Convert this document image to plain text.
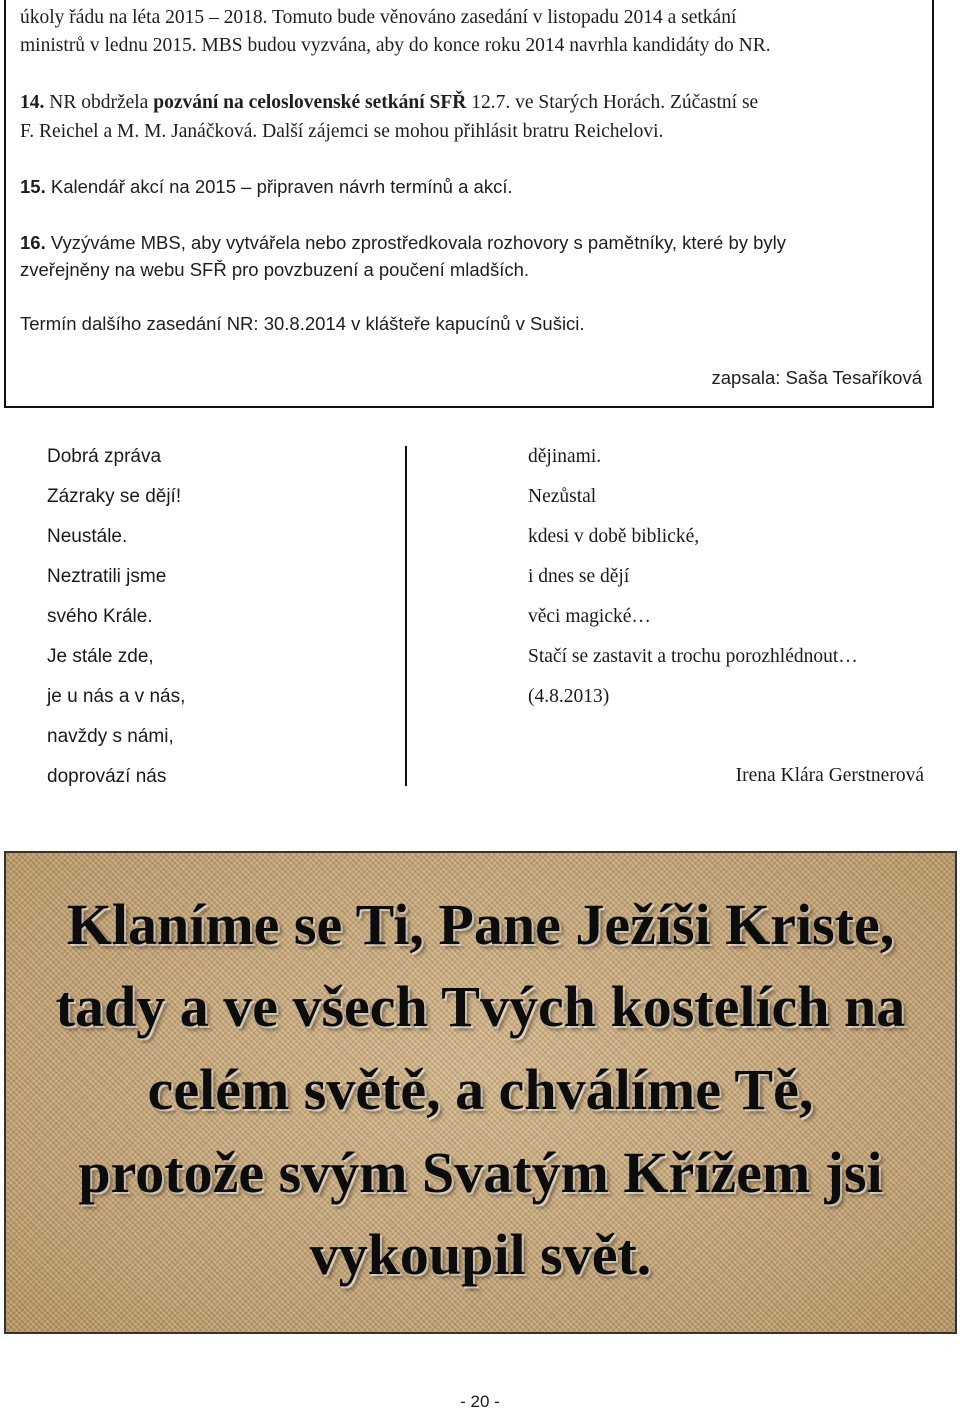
úkoly řádu na léta 2015 – 2018. Tomuto bude věnováno zasedání v listopadu 2014 a setkání
ministrů v lednu 2015. MBS budou vyzvána, aby do konce roku 2014 navrhla kandidáty do NR.
14. NR obdržela pozvání na celoslovenské setkání SFŘ 12.7. ve Starých Horách. Zúčastní se
F. Reichel a M. M. Janáčková. Další zájemci se mohou přihlásit bratru Reichelovi.
15. Kalendář akcí na 2015 – připraven návrh termínů a akcí.
16. Vyzýváme MBS, aby vytvářela nebo zprostředkovala rozhovory s pamětníky, které by byly
zveřejněny na webu SFŘ pro povzbuzení a poučení mladších.
Termín dalšího zasedání NR: 30.8.2014 v klášteře kapucínů v Sušici.
zapsala: Saša Tesaříková
Dobrá zpráva
Zázraky se dějí!
Neustále.
Neztratili jsme
svého Krále.
Je stále zde,
je u nás a v nás,
navždy s námi,
doprovází nás
dějinami.
Nezůstal
kdesi v době biblické,
i dnes se dějí
věci magické…
Stačí se zastavit a trochu porozhlédnout…
(4.8.2013)
Irena Klára Gerstnerová
Klaníme se Ti, Pane Ježíši Kriste,
tady a ve všech Tvých kostelích na
celém světě, a chválíme Tě,
protože svým Svatým Křížem jsi
vykoupil svět.
- 20 -
